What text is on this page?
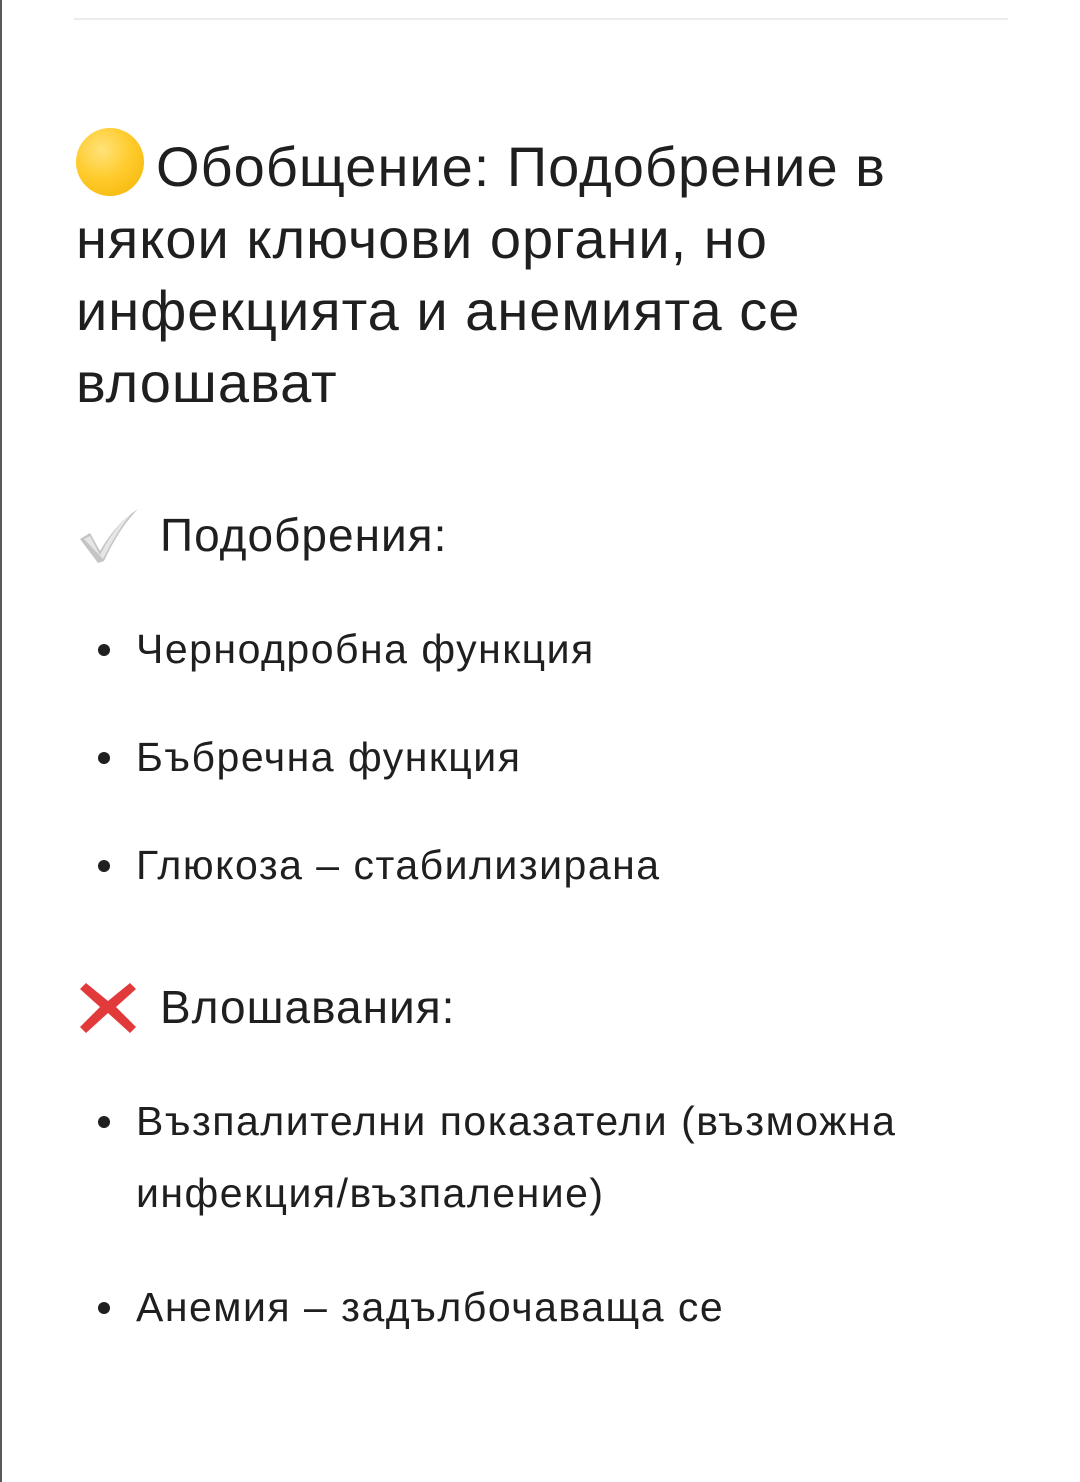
Обобщение: Подобрение в някои ключови органи, но инфекцията и анемията се влошават
Подобрения:
Чернодробна функция
Бъбречна функция
Глюкоза – стабилизирана
Влошавания:
Възпалителни показатели (възможна инфекция/възпаление)
Анемия – задълбочаваща се
